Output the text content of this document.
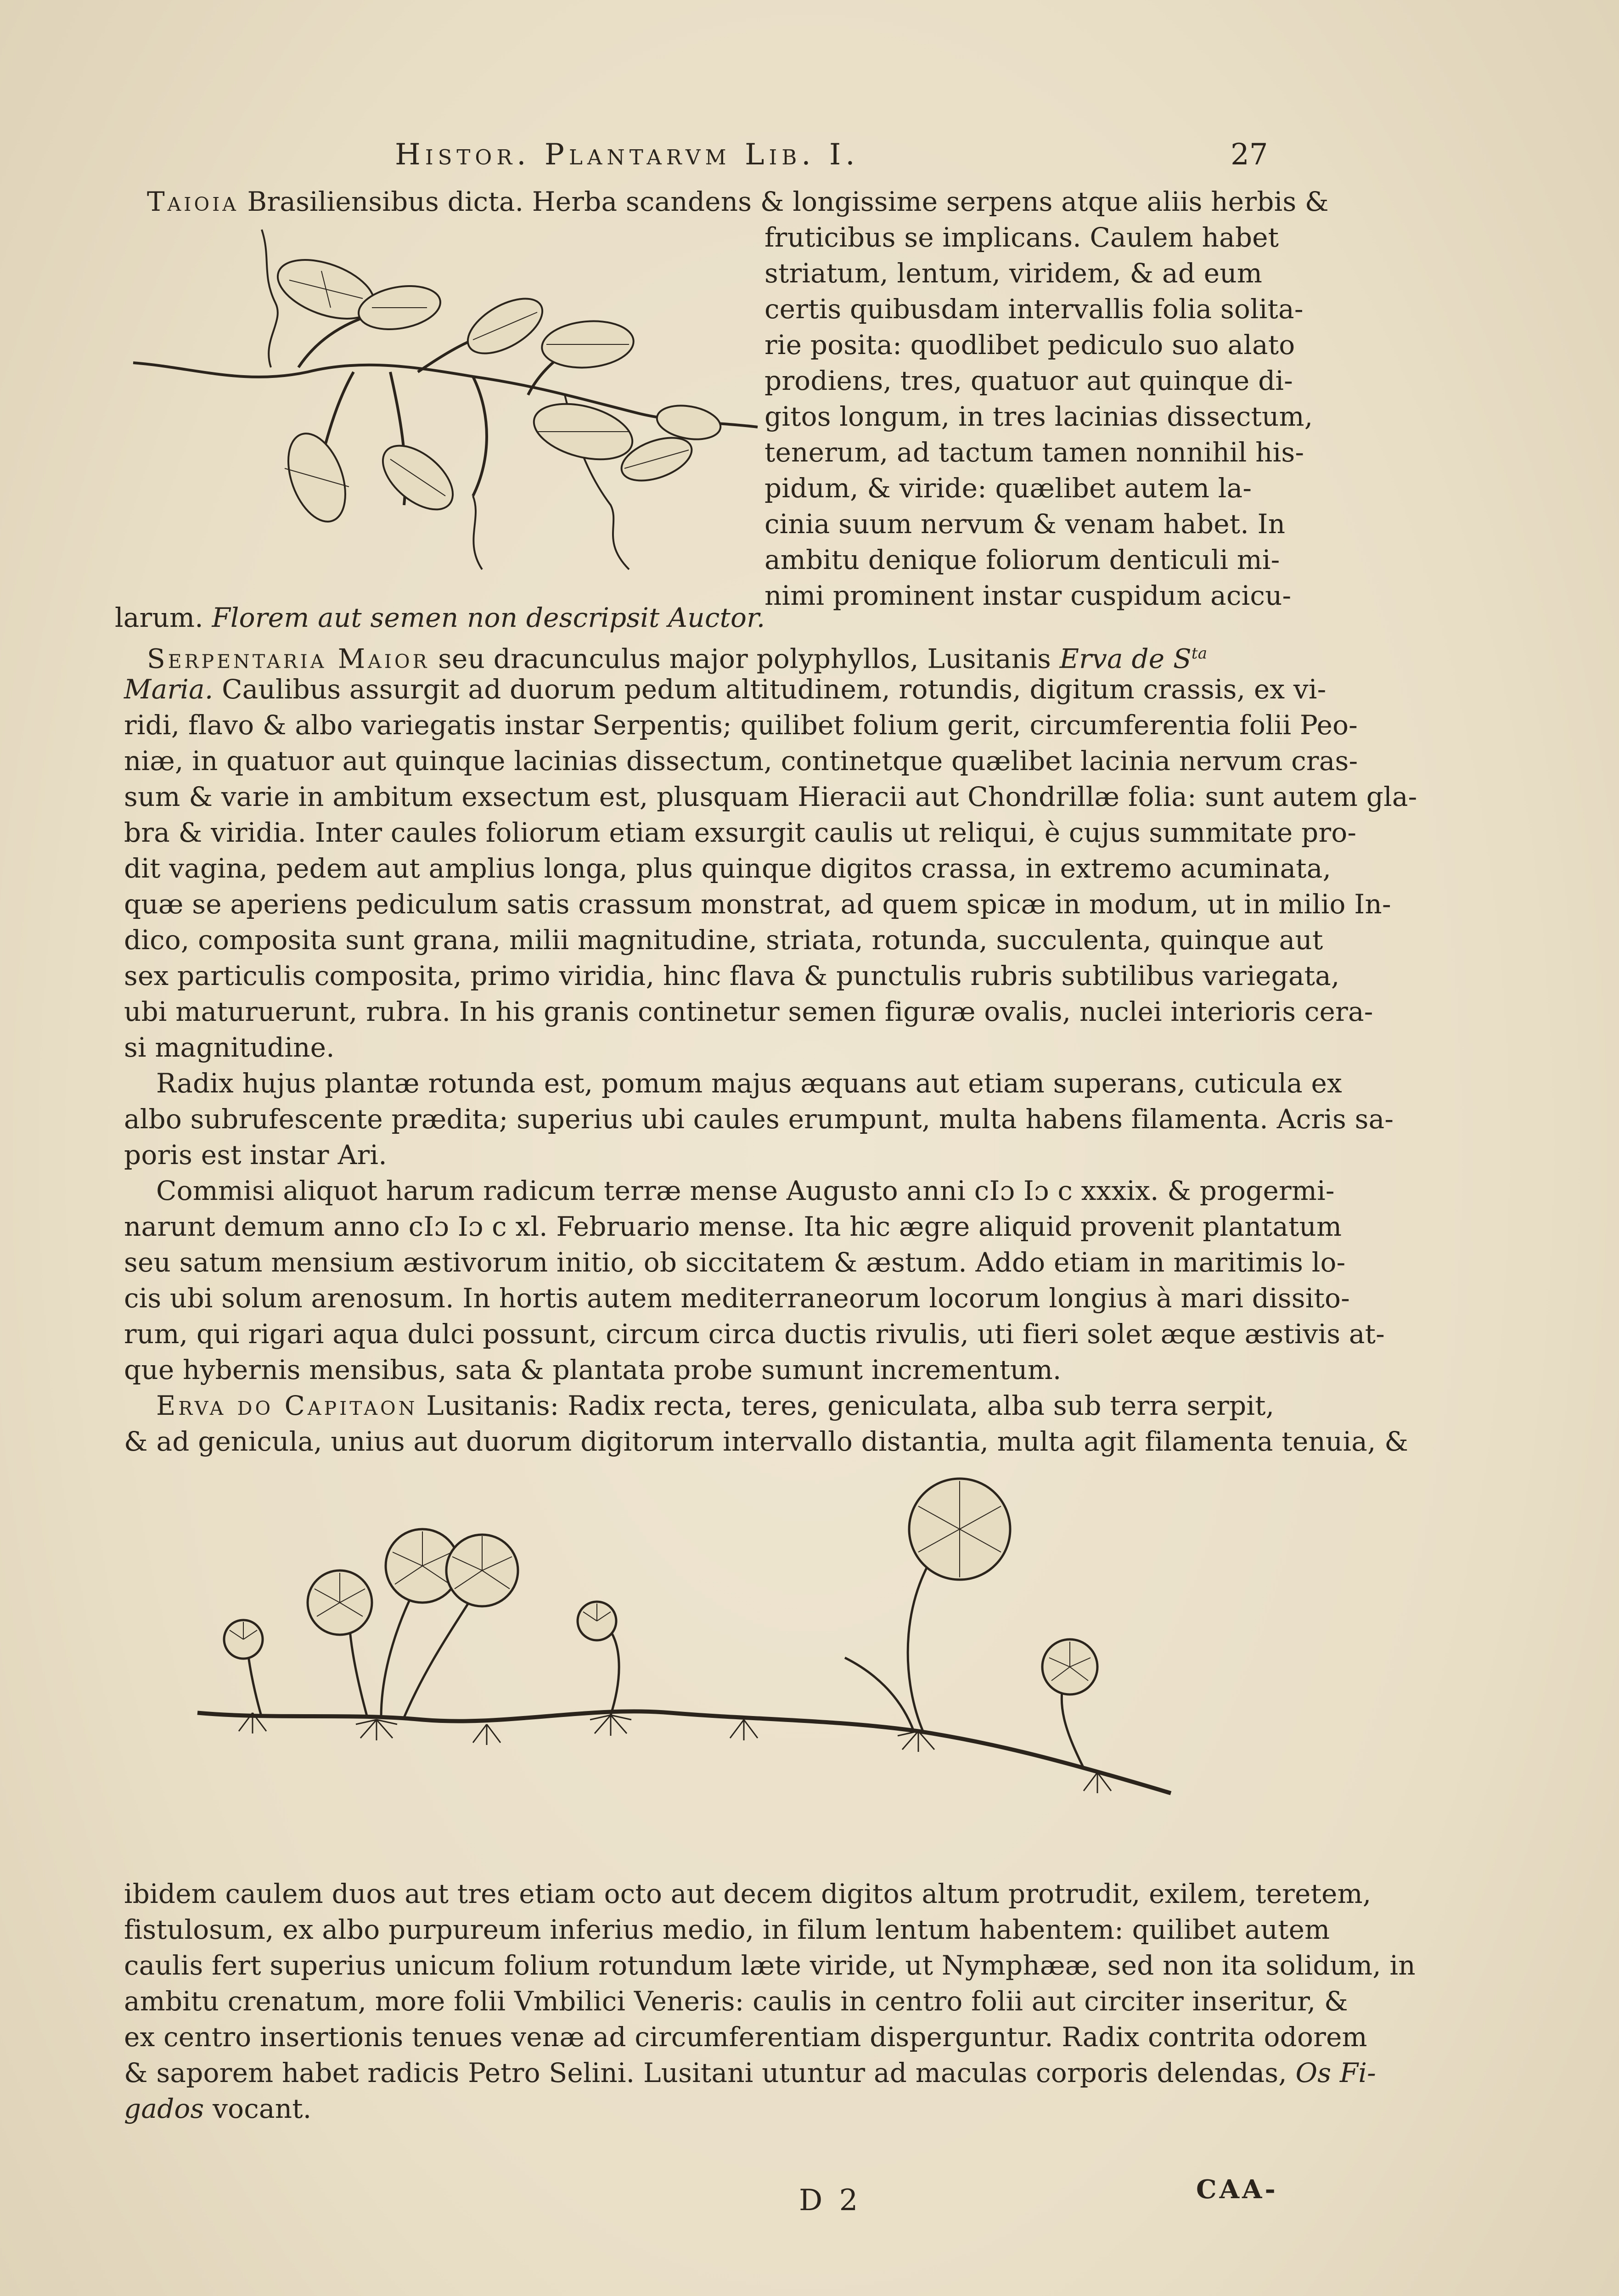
Histor. Plantarvm Lib. I.	27
Taioia Brasiliensibus dicta. Herba scandens & longissime serpens atque aliis herbis &
fruticibus se implicans. Caulem habet
striatum, lentum, viridem, & ad eum
certis quibusdam intervallis folia solita-
rie posita: quodlibet pediculo suo alato
prodiens, tres, quatuor aut quinque di-
gitos longum, in tres lacinias dissectum,
tenerum, ad tactum tamen nonnihil his-
pidum, & viride: quælibet autem la-
cinia suum nervum & venam habet. In
ambitu denique foliorum denticuli mi-
nimi prominent instar cuspidum acicu-
larum. Florem aut semen non descripsit Auctor.
Serpentaria Maior seu dracunculus major polyphyllos, Lusitanis Erva de $S^{ta}$
Maria. Caulibus assurgit ad duorum pedum altitudinem, rotundis, digitum crassis, ex vi-
ridi, flavo & albo variegatis instar Serpentis; quilibet folium gerit, circumferentia folii Peo-
niæ, in quatuor aut quinque lacinias dissectum, continetque quælibet lacinia nervum cras-
sum & varie in ambitum exsectum est, plusquam Hieracii aut Chondrillæ folia: sunt autem gla-
bra & viridia. Inter caules foliorum etiam exsurgit caulis ut reliqui, è cujus summitate pro-
dit vagina, pedem aut amplius longa, plus quinque digitos crassa, in extremo acuminata,
quæ se aperiens pediculum satis crassum monstrat, ad quem spicæ in modum, ut in milio In-
dico, composita sunt grana, milii magnitudine, striata, rotunda, succulenta, quinque aut
sex particulis composita, primo viridia, hinc flava & punctulis rubris subtilibus variegata,
ubi maturuerunt, rubra. In his granis continetur semen figuræ ovalis, nuclei interioris cera-
si magnitudine.
Radix hujus plantæ rotunda est, pomum majus æquans aut etiam superans, cuticula ex
albo subrufescente prædita; superius ubi caules erumpunt, multa habens filamenta. Acris sa-
poris est instar Ari.
Commisi aliquot harum radicum terræ mense Augusto anni cIɔ Iɔ c xxxix. & progermi-
narunt demum anno cIɔ Iɔ c xl. Februario mense. Ita hic ægre aliquid provenit plantatum
seu satum mensium æstivorum initio, ob siccitatem & æstum. Addo etiam in maritimis lo-
cis ubi solum arenosum. In hortis autem mediterraneorum locorum longius à mari dissito-
rum, qui rigari aqua dulci possunt, circum circa ductis rivulis, uti fieri solet æque æstivis at-
que hybernis mensibus, sata & plantata probe sumunt incrementum.
Erva do Capitaon Lusitanis: Radix recta, teres, geniculata, alba sub terra serpit,
& ad genicula, unius aut duorum digitorum intervallo distantia, multa agit filamenta tenuia, &
ibidem caulem duos aut tres etiam octo aut decem digitos altum protrudit, exilem, teretem,
fistulosum, ex albo purpureum inferius medio, in filum lentum habentem: quilibet autem
caulis fert superius unicum folium rotundum læte viride, ut Nymphææ, sed non ita solidum, in
ambitu crenatum, more folii Vmbilici Veneris: caulis in centro folii aut circiter inseritur, &
ex centro insertionis tenues venæ ad circumferentiam disperguntur. Radix contrita odorem
& saporem habet radicis Petro Selini. Lusitani utuntur ad maculas corporis delendas, Os Fi-
gados vocant.
D 2	CAA-
